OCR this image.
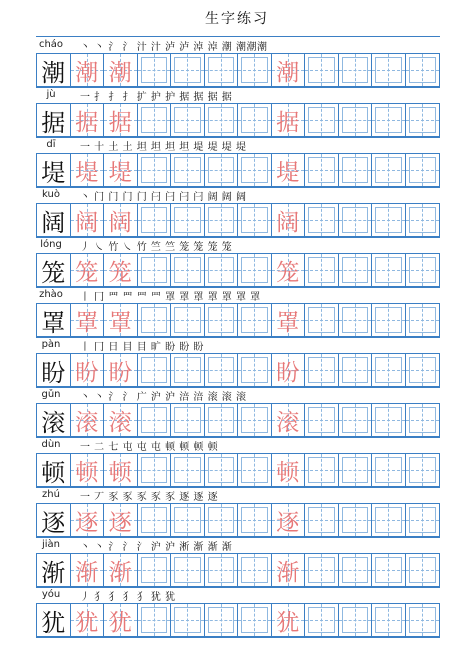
生字练习
cháo 丶 丶 氵 氵 汁 汁 泸 泸 淖 淖 潮 潮潮潮
潮 潮 潮	潮
jù	一 扌 扌 扌 扩 护 护 据 据 据 据
据 据 据	据
dī	一 十 土 土 坦 坦 坦 坦 堤 堤 堤 堤
堤 堤 堤	堤
kuò	丶 门 门 门 门 闩 闩 闩 闩 阔 阔 阔
阔 阔 阔	阔
lóng	丿 ㇏ 竹 ㇏ 竹 竺 竺 笼 笼 笼 笼
笼 笼 笼	笼
zhào	丨 冂 罒 罒 罒 罒 罩 罩 罩 罩 罩 罩 罩
罩 罩 罩	罩
pàn	丨 冂 日 目 目 旷 盼 盼 盼
盼 盼 盼	盼
gǔn	丶 丶 氵 氵 广 沪 沪 涪 涪 滚 滚 滚
滚 滚 滚	滚
dùn	一 二 七 屯 屯 屯 顿 顿 顿 顿
顿 顿 顿	顿
zhú	一 丆 豕 豕 豕 豕 豕 逐 逐 逐
逐 逐 逐	逐
jiàn	丶 丶 氵 氵 氵 沪 沪 淅 渐 渐 渐
渐 渐 渐	渐
yóu	丿 犭 犭 犭 犭 犹 犹
犹 犹 犹	犹
